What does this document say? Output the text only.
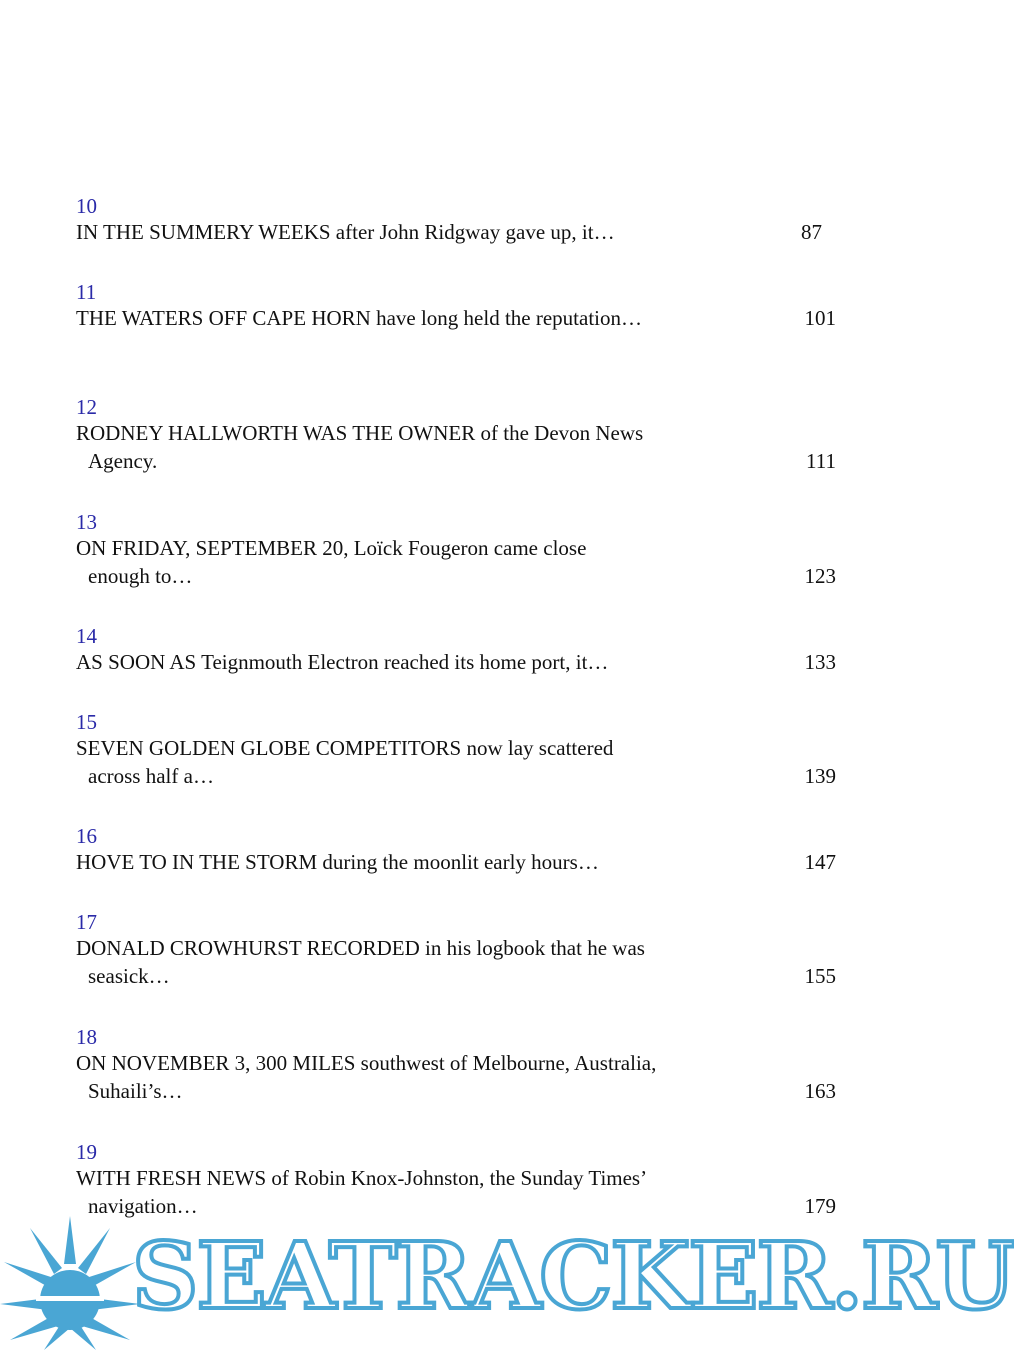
10
IN THE SUMMERY WEEKS after John Ridgway gave up, it…	87
11
THE WATERS OFF CAPE HORN have long held the reputation…	101
12
RODNEY HALLWORTH WAS THE OWNER of the Devon News
Agency.	111
13
ON FRIDAY, SEPTEMBER 20, Loïck Fougeron came close
enough to…	123
14
AS SOON AS Teignmouth Electron reached its home port, it…	133
15
SEVEN GOLDEN GLOBE COMPETITORS now lay scattered
across half a…	139
16
HOVE TO IN THE STORM during the moonlit early hours…	147
17
DONALD CROWHURST RECORDED in his logbook that he was
seasick…	155
18
ON NOVEMBER 3, 300 MILES southwest of Melbourne, Australia,
Suhaili’s…	163
19
WITH FRESH NEWS of Robin Knox-Johnston, the Sunday Times’
navigation…	179
SEATRACKER.RU
